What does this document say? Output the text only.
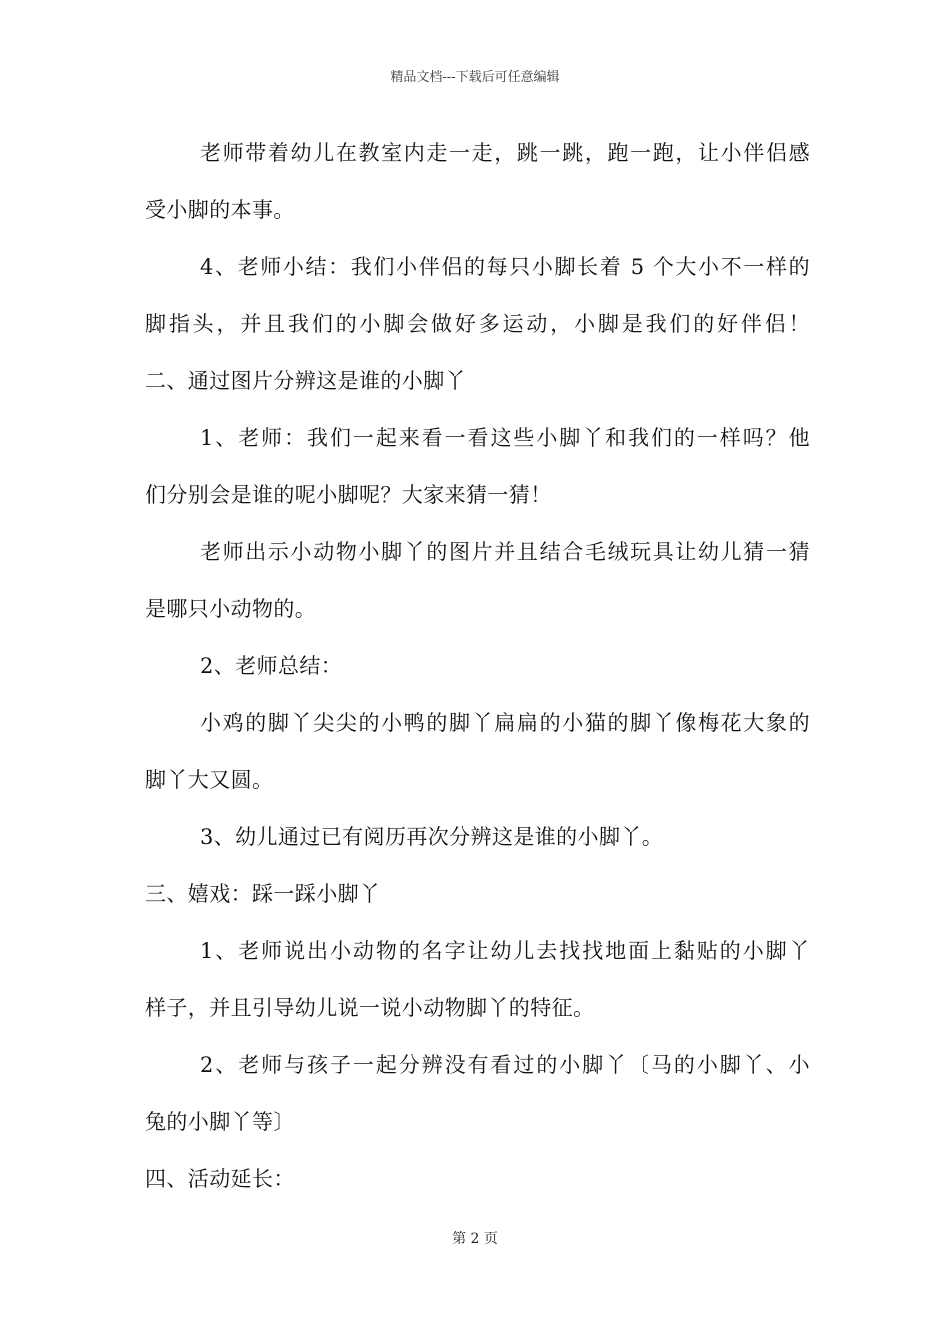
精品文档---下载后可任意编辑
老师带着幼儿在教室内走一走，跳一跳，跑一跑，让小伴侣感
受小脚的本事。
4、老师小结：我们小伴侣的每只小脚长着 5 个大小不一样的
脚指头，并且我们的小脚会做好多运动，小脚是我们的好伴侣！
二、通过图片分辨这是谁的小脚丫
1、老师：我们一起来看一看这些小脚丫和我们的一样吗？他
们分别会是谁的呢小脚呢？大家来猜一猜！
老师出示小动物小脚丫的图片并且结合毛绒玩具让幼儿猜一猜
是哪只小动物的。
2、老师总结：
小鸡的脚丫尖尖的小鸭的脚丫扁扁的小猫的脚丫像梅花大象的
脚丫大又圆。
3、幼儿通过已有阅历再次分辨这是谁的小脚丫。
三、嬉戏：踩一踩小脚丫
1、老师说出小动物的名字让幼儿去找找地面上黏贴的小脚丫
样子，并且引导幼儿说一说小动物脚丫的特征。
2、老师与孩子一起分辨没有看过的小脚丫〔马的小脚丫、小
兔的小脚丫等〕
四、活动延长：
第 2 页
